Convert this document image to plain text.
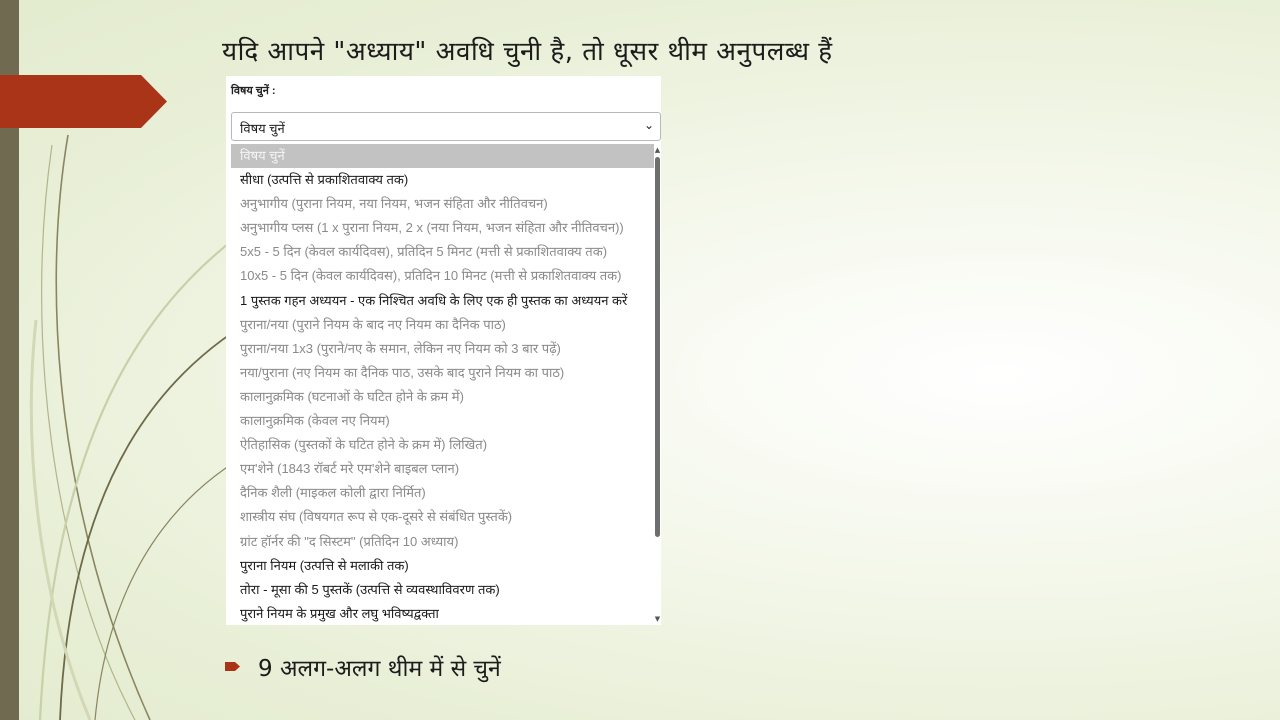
यदि आपने "अध्याय" अवधि चुनी है, तो धूसर थीम अनुपलब्ध हैं
विषय चुनें :
विषय चुनें	⌄
विषय चुनें
सीधा (उत्पत्ति से प्रकाशितवाक्य तक)
अनुभागीय (पुराना नियम, नया नियम, भजन संहिता और नीतिवचन)
अनुभागीय प्लस (1 x पुराना नियम, 2 x (नया नियम, भजन संहिता और नीतिवचन))
5x5 - 5 दिन (केवल कार्यदिवस), प्रतिदिन 5 मिनट (मत्ती से प्रकाशितवाक्य तक)
10x5 - 5 दिन (केवल कार्यदिवस), प्रतिदिन 10 मिनट (मत्ती से प्रकाशितवाक्य तक)
1 पुस्तक गहन अध्ययन - एक निश्चित अवधि के लिए एक ही पुस्तक का अध्ययन करें
पुराना/नया (पुराने नियम के बाद नए नियम का दैनिक पाठ)
पुराना/नया 1x3 (पुराने/नए के समान, लेकिन नए नियम को 3 बार पढ़ें)
नया/पुराना (नए नियम का दैनिक पाठ, उसके बाद पुराने नियम का पाठ)
कालानुक्रमिक (घटनाओं के घटित होने के क्रम में)
कालानुक्रमिक (केवल नए नियम)
ऐतिहासिक (पुस्तकों के घटित होने के क्रम में) लिखित)
एम'शेने (1843 रॉबर्ट मरे एम'शेने बाइबल प्लान)
दैनिक शैली (माइकल कोली द्वारा निर्मित)
शास्त्रीय संघ (विषयगत रूप से एक-दूसरे से संबंधित पुस्तकें)
ग्रांट हॉर्नर की "द सिस्टम" (प्रतिदिन 10 अध्याय)
पुराना नियम (उत्पत्ति से मलाकी तक)
तोरा - मूसा की 5 पुस्तकें (उत्पत्ति से व्यवस्थाविवरण तक)
पुराने नियम के प्रमुख और लघु भविष्यद्वक्ता
▲
▼
9 अलग-अलग थीम में से चुनें
